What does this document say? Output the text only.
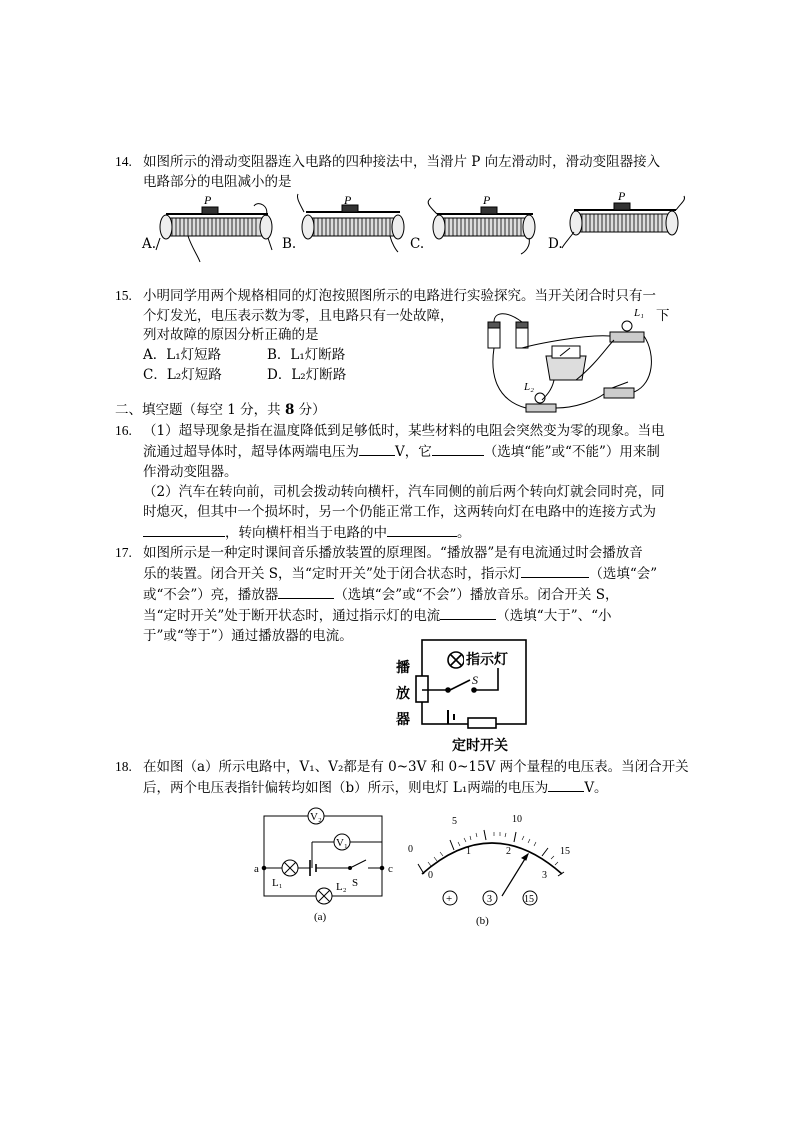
14. 如图所示的滑动变阻器连入电路的四种接法中，当滑片 P 向左滑动时，滑动变阻器接入
电路部分的电阻减小的是
A.	B.	C.	D.
P	P	P	P
15. 小明同学用两个规格相同的灯泡按照图所示的电路进行实验探究。当开关闭合时只有一
个灯发光，电压表示数为零，且电路只有一处故障，	下
列对故障的原因分析正确的是
A．L₁灯短路	B．L₁灯断路
C．L₂灯短路	D．L₂灯断路
L₁
L₂
二、填空题（每空 1 分，共 8 分）
16. （1）超导现象是指在温度降低到足够低时，某些材料的电阻会突然变为零的现象。当电
流通过超导体时，超导体两端电压为	V，它	（选填“能”或“不能”）用来制
作滑动变阻器。
（2）汽车在转向前，司机会拨动转向横杆，汽车同侧的前后两个转向灯就会同时亮，同
时熄灭，但其中一个损坏时，另一个仍能正常工作，这两转向灯在电路中的连接方式为
，转向横杆相当于电路的中	。
17. 如图所示是一种定时课间音乐播放装置的原理图。“播放器”是有电流通过时会播放音
乐的装置。闭合开关 S，当“定时开关”处于闭合状态时，指示灯	（选填“会”
或“不会”）亮，播放器	（选填“会”或“不会”）播放音乐。闭合开关 S，
当“定时开关”处于断开状态时，通过指示灯的电流	（选填“大于”、“小
于”或“等于”）通过播放器的电流。
指示灯
播
放
器
S
定时开关
18. 在如图（a）所示电路中，V₁、V₂都是有 0~3V 和 0~15V 两个量程的电压表。当闭合开关
后，两个电压表指针偏转均如图（b）所示，则电灯 L₁两端的电压为	V。
V₂
V₁
a	c
L₁	L₂ S
(a)
0
5	10
15
0
1	2
3
+	3	15
(b)
